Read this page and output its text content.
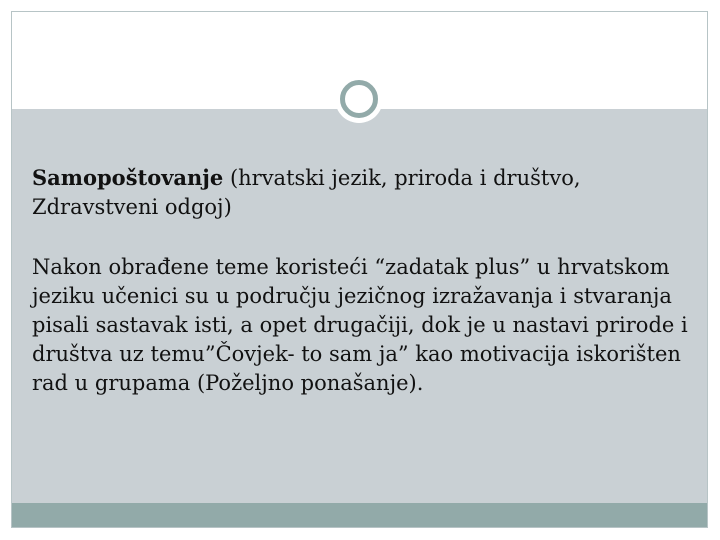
Samopoštovanje (hrvatski jezik, priroda i društvo, Zdravstveni odgoj)

Nakon obrađene teme koristeći “zadatak plus” u hrvatskom jeziku učenici su u području jezičnog izražavanja i stvaranja pisali sastavak isti, a opet drugačiji, dok je u nastavi prirode i društva uz temu”Čovjek- to sam ja” kao motivacija iskorišten rad u grupama (Poželjno ponašanje).
